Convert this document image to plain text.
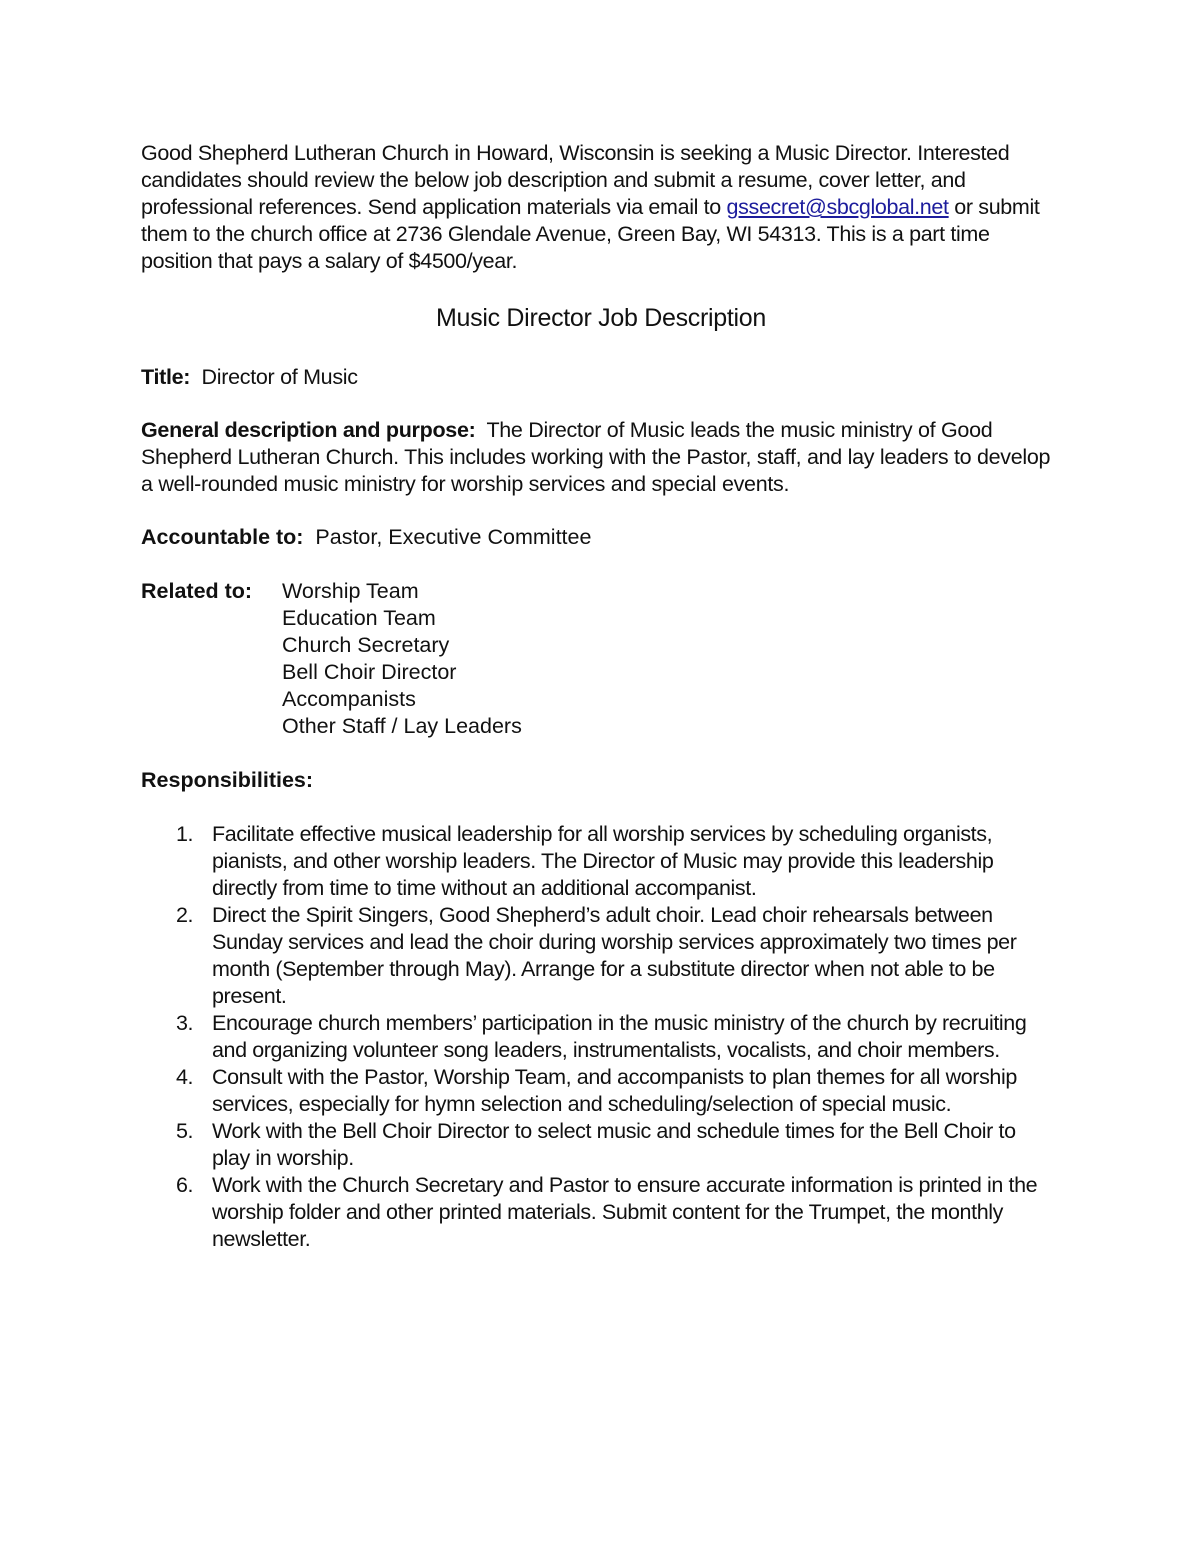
Good Shepherd Lutheran Church in Howard, Wisconsin is seeking a Music Director. Interested candidates should review the below job description and submit a resume, cover letter, and professional references. Send application materials via email to gssecret@sbcglobal.net or submit them to the church office at 2736 Glendale Avenue, Green Bay, WI 54313. This is a part time position that pays a salary of $4500/year.

Music Director Job Description

Title: Director of Music

General description and purpose: The Director of Music leads the music ministry of Good Shepherd Lutheran Church. This includes working with the Pastor, staff, and lay leaders to develop a well-rounded music ministry for worship services and special events.

Accountable to: Pastor, Executive Committee

Related to:	Worship Team
Education Team
Church Secretary
Bell Choir Director
Accompanists
Other Staff / Lay Leaders
Responsibilities:
1. Facilitate effective musical leadership for all worship services by scheduling organists, pianists, and other worship leaders. The Director of Music may provide this leadership directly from time to time without an additional accompanist.
2. Direct the Spirit Singers, Good Shepherd’s adult choir. Lead choir rehearsals between Sunday services and lead the choir during worship services approximately two times per month (September through May). Arrange for a substitute director when not able to be present.
3. Encourage church members’ participation in the music ministry of the church by recruiting and organizing volunteer song leaders, instrumentalists, vocalists, and choir members.
4. Consult with the Pastor, Worship Team, and accompanists to plan themes for all worship services, especially for hymn selection and scheduling/selection of special music.
5. Work with the Bell Choir Director to select music and schedule times for the Bell Choir to play in worship.
6. Work with the Church Secretary and Pastor to ensure accurate information is printed in the worship folder and other printed materials. Submit content for the Trumpet, the monthly newsletter.
